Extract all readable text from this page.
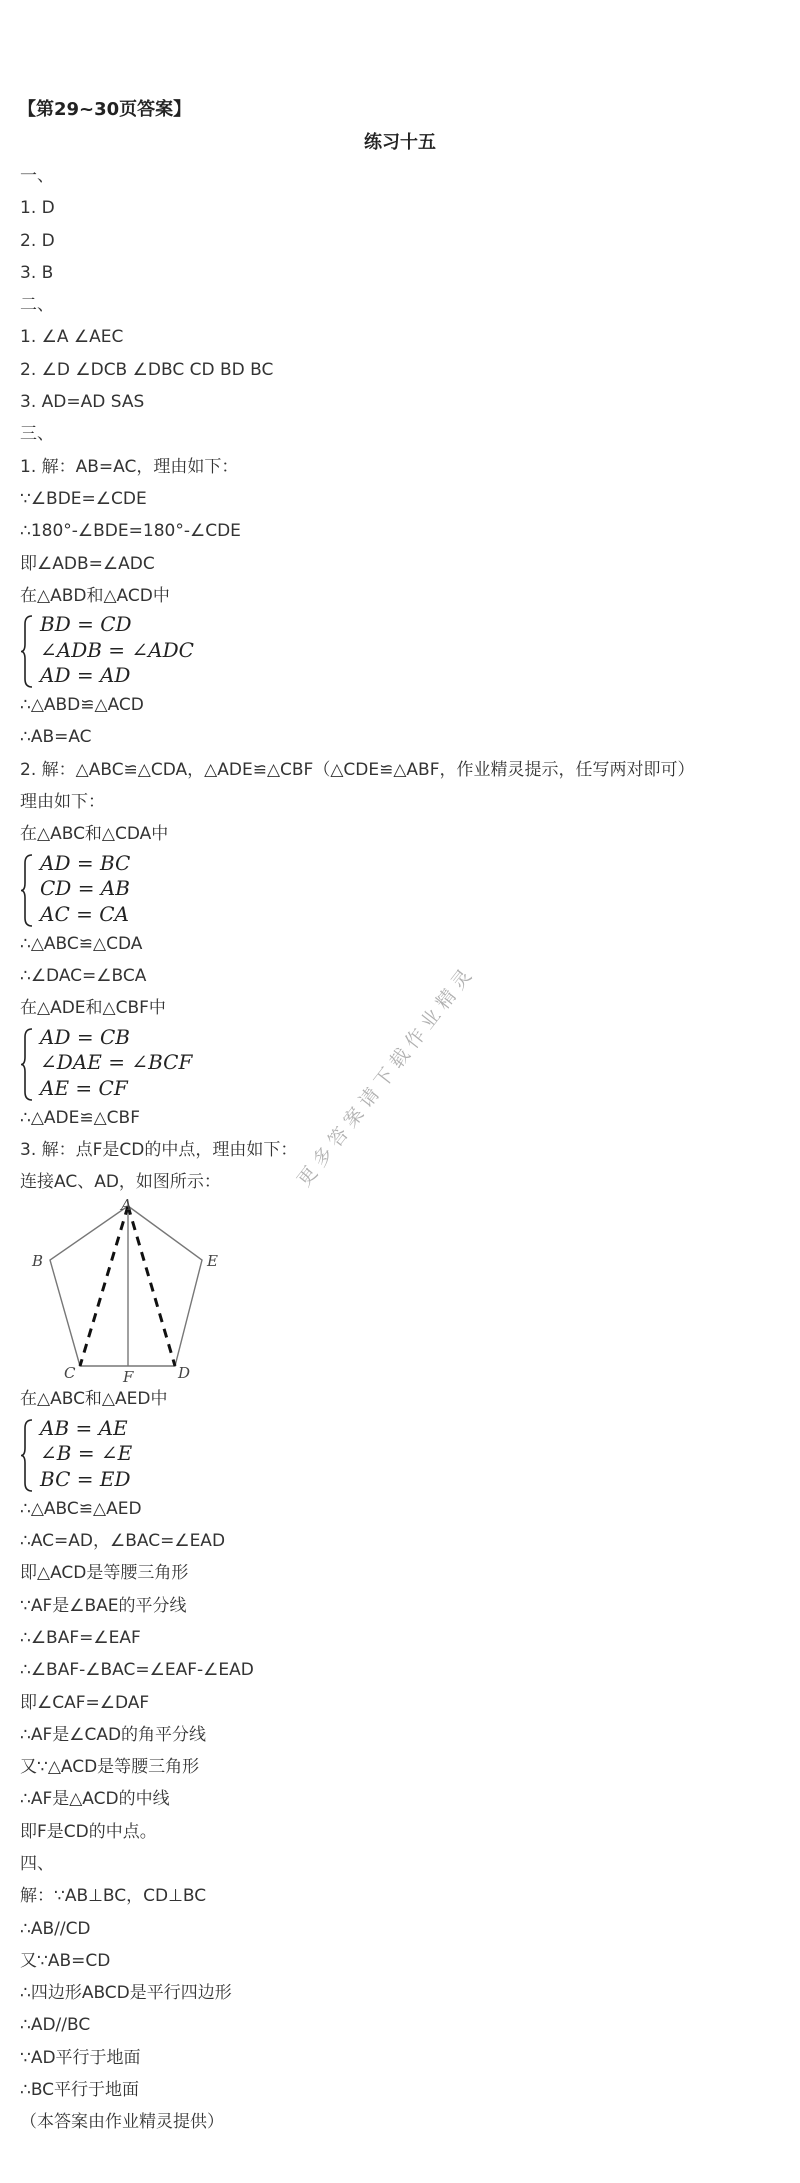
【第29~30页答案】
练习十五
一、
1. D
2. D
3. B
二、
1. ∠A ∠AEC
2. ∠D ∠DCB ∠DBC CD BD BC
3. AD=AD SAS
三、
1. 解：AB=AC，理由如下：
∵∠BDE=∠CDE
∴180°-∠BDE=180°-∠CDE
即∠ADB=∠ADC
在△ABD和△ACD中
BD = CD
∠ADB = ∠ADC
AD = AD
∴△ABD≌△ACD
∴AB=AC
2. 解：△ABC≌△CDA，△ADE≌△CBF（△CDE≌△ABF，作业精灵提示，任写两对即可）
理由如下：
在△ABC和△CDA中
AD = BC
CD = AB
AC = CA
∴△ABC≌△CDA
∴∠DAC=∠BCA
在△ADE和△CBF中
AD = CB
∠DAE = ∠BCF
AE = CF
∴△ADE≌△CBF
3. 解：点F是CD的中点，理由如下：
连接AC、AD，如图所示：
A
B
C	D
E
F
在△ABC和△AED中
AB = AE
∠B = ∠E
BC = ED
∴△ABC≌△AED
∴AC=AD，∠BAC=∠EAD
即△ACD是等腰三角形
∵AF是∠BAE的平分线
∴∠BAF=∠EAF
∴∠BAF-∠BAC=∠EAF-∠EAD
即∠CAF=∠DAF
∴AF是∠CAD的角平分线
又∵△ACD是等腰三角形
∴AF是△ACD的中线
即F是CD的中点。
四、
解：∵AB⊥BC，CD⊥BC
∴AB//CD
又∵AB=CD
∴四边形ABCD是平行四边形
∴AD//BC
∵AD平行于地面
∴BC平行于地面
（本答案由作业精灵提供）
更多答案请下载作业精灵
